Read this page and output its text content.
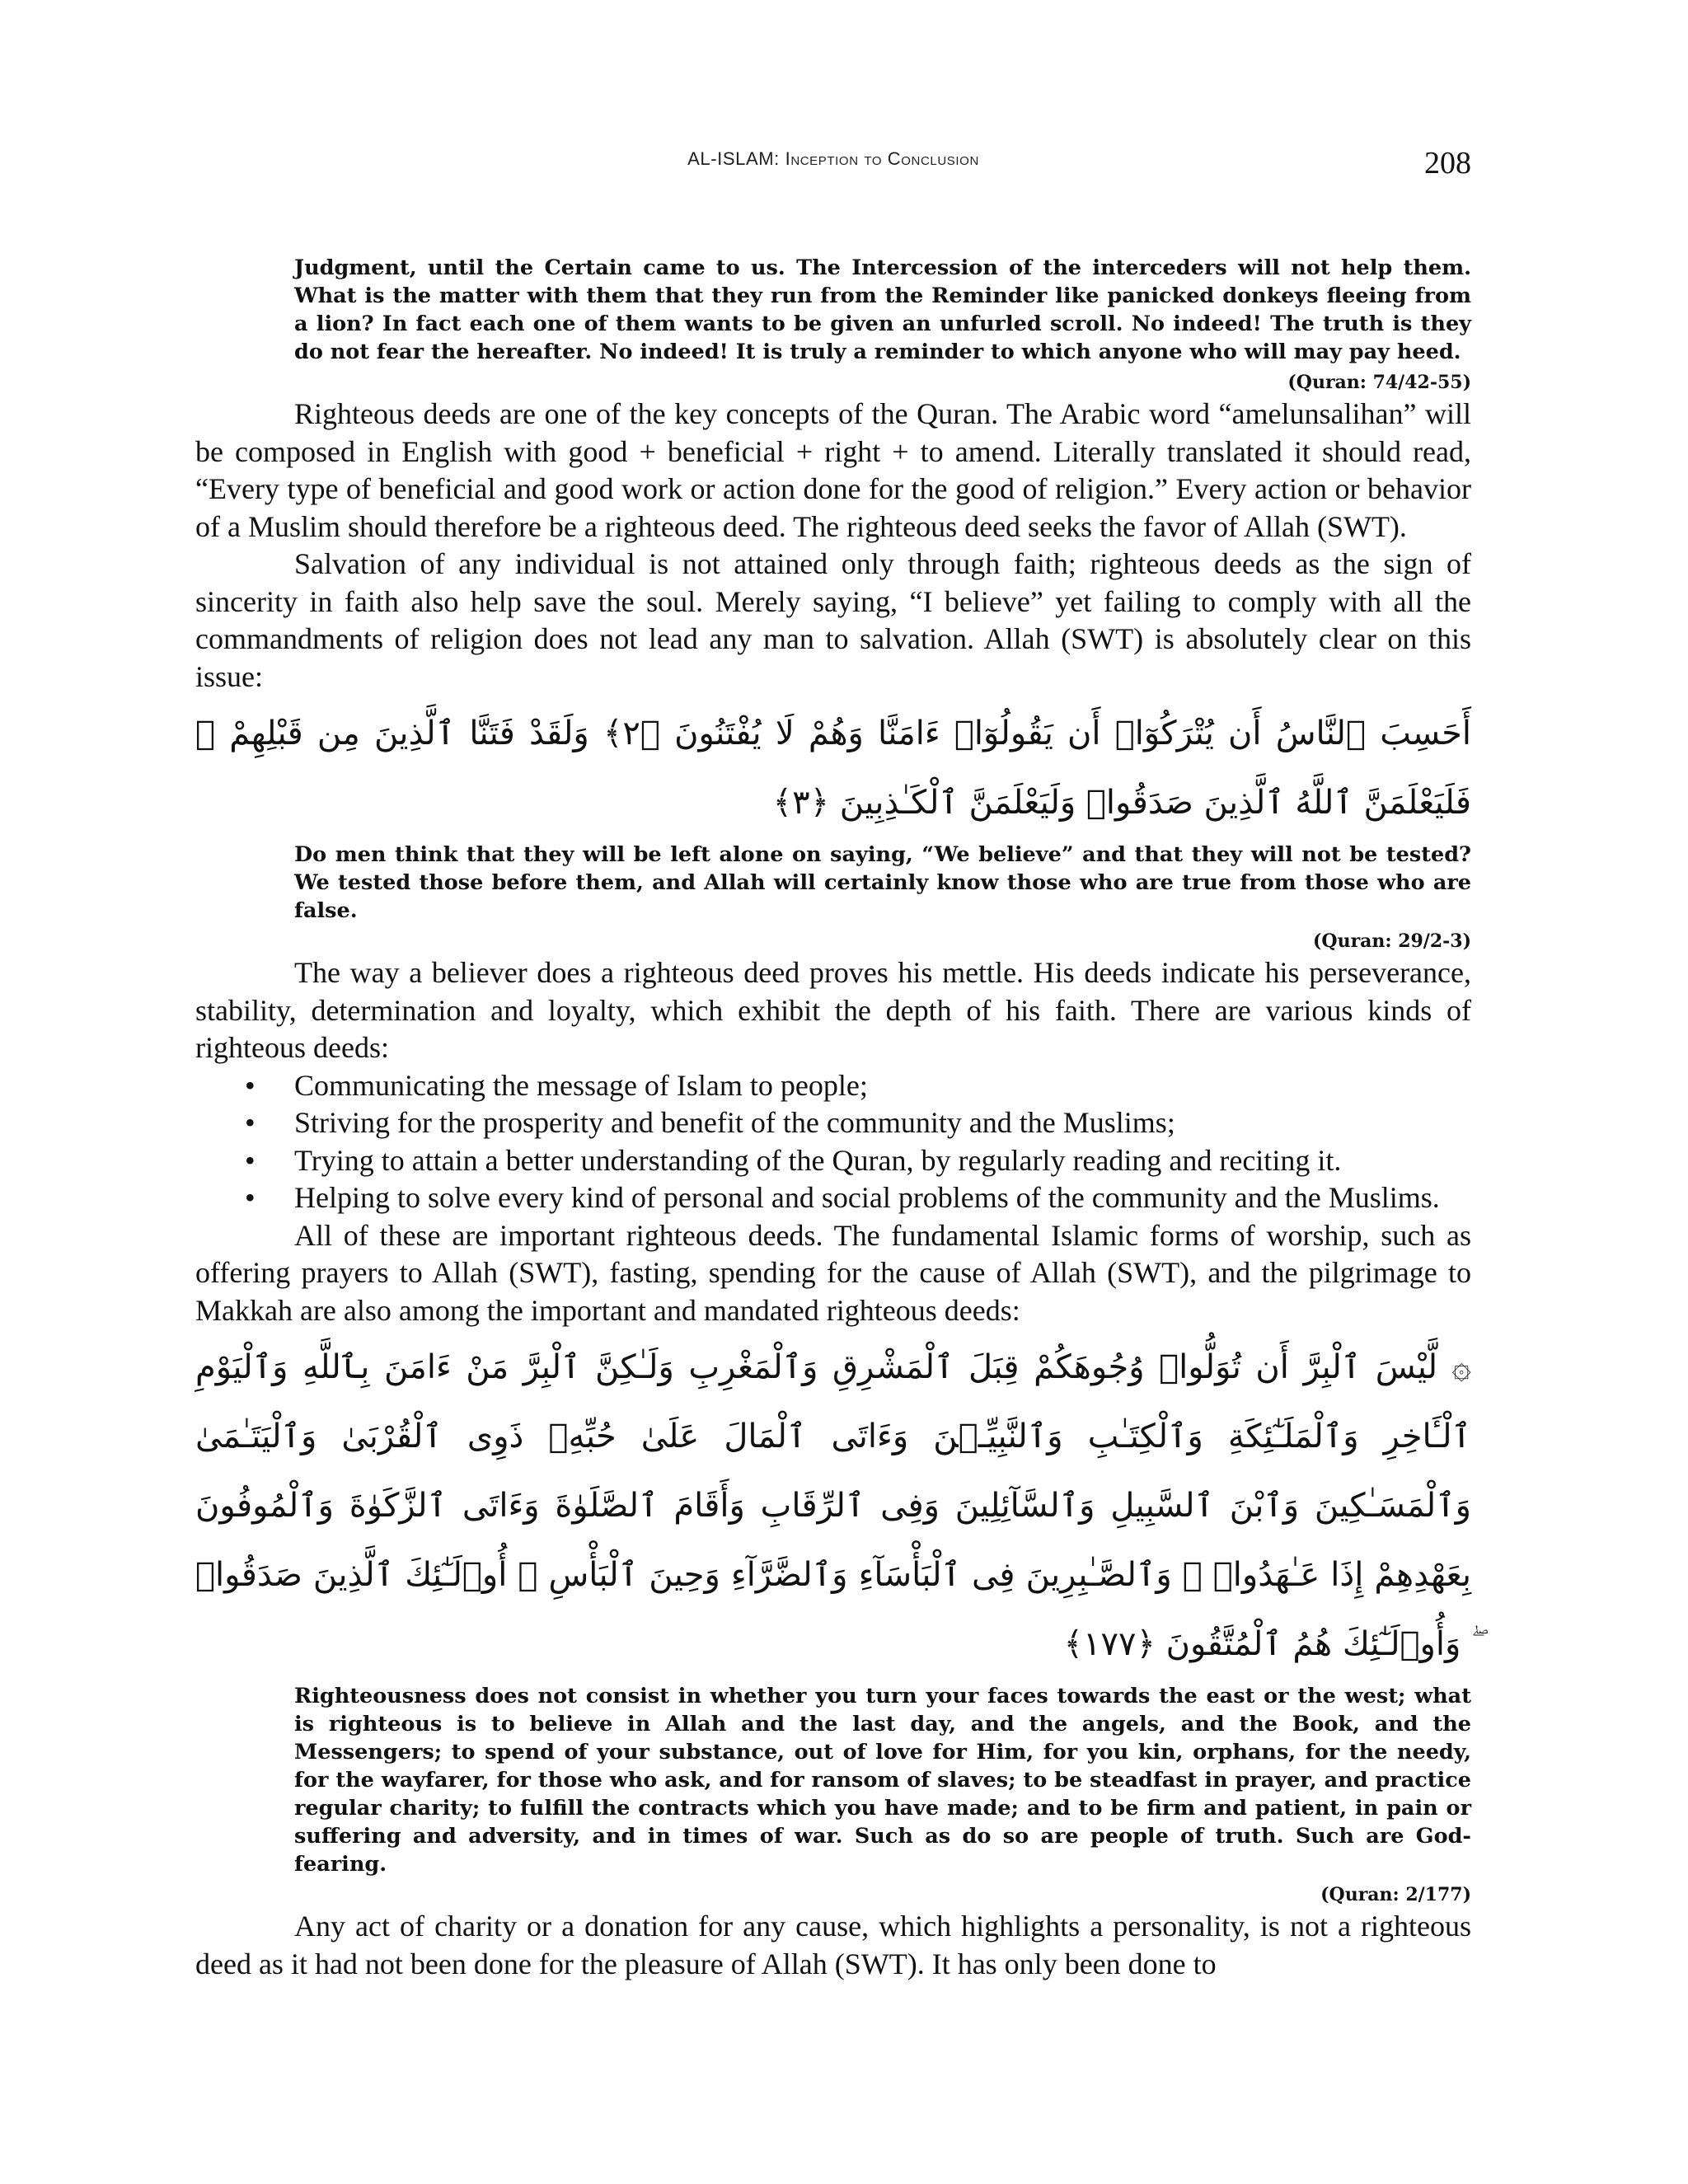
AL-ISLAM: Inception to Conclusion	208

Judgment, until the Certain came to us. The Intercession of the interceders will not help them. What is the matter with them that they run from the Reminder like panicked donkeys fleeing from a lion? In fact each one of them wants to be given an unfurled scroll. No indeed! The truth is they do not fear the hereafter. No indeed! It is truly a reminder to which anyone who will may pay heed.

(Quran: 74/42-55)

Righteous deeds are one of the key concepts of the Quran. The Arabic word “amelunsalihan” will be composed in English with good + beneficial + right + to amend. Literally translated it should read, “Every type of beneficial and good work or action done for the good of religion.” Every action or behavior of a Muslim should therefore be a righteous deed. The righteous deed seeks the favor of Allah (SWT).

Salvation of any individual is not attained only through faith; righteous deeds as the sign of sincerity in faith also help save the soul. Merely saying, “I believe” yet failing to comply with all the commandments of religion does not lead any man to salvation. Allah (SWT) is absolutely clear on this issue:

أَحَسِبَ ٱلنَّاسُ أَن يُتْرَكُوٓا۟ أَن يَقُولُوٓا۟ ءَامَنَّا وَهُمْ لَا يُفْتَنُونَ ﴿٢﴾ وَلَقَدْ فَتَنَّا ٱلَّذِينَ مِن قَبْلِهِمْ ۖ فَلَيَعْلَمَنَّ ٱللَّهُ ٱلَّذِينَ صَدَقُوا۟ وَلَيَعْلَمَنَّ ٱلْكَـٰذِبِينَ ﴿٣﴾

Do men think that they will be left alone on saying, “We believe” and that they will not be tested? We tested those before them, and Allah will certainly know those who are true from those who are false.

(Quran: 29/2-3)

The way a believer does a righteous deed proves his mettle. His deeds indicate his perseverance, stability, determination and loyalty, which exhibit the depth of his faith. There are various kinds of righteous deeds:

• Communicating the message of Islam to people;
• Striving for the prosperity and benefit of the community and the Muslims;
• Trying to attain a better understanding of the Quran, by regularly reading and reciting it.
• Helping to solve every kind of personal and social problems of the community and the Muslims.

All of these are important righteous deeds. The fundamental Islamic forms of worship, such as offering prayers to Allah (SWT), fasting, spending for the cause of Allah (SWT), and the pilgrimage to Makkah are also among the important and mandated righteous deeds:

۞ لَّيْسَ ٱلْبِرَّ أَن تُوَلُّوا۟ وُجُوهَكُمْ قِبَلَ ٱلْمَشْرِقِ وَٱلْمَغْرِبِ وَلَـٰكِنَّ ٱلْبِرَّ مَنْ ءَامَنَ بِٱللَّهِ وَٱلْيَوْمِ ٱلْـَٔاخِرِ وَٱلْمَلَـٰٓئِكَةِ وَٱلْكِتَـٰبِ وَٱلنَّبِيِّـۧنَ وَءَاتَى ٱلْمَالَ عَلَىٰ حُبِّهِۦ ذَوِى ٱلْقُرْبَىٰ وَٱلْيَتَـٰمَىٰ وَٱلْمَسَـٰكِينَ وَٱبْنَ ٱلسَّبِيلِ وَٱلسَّآئِلِينَ وَفِى ٱلرِّقَابِ وَأَقَامَ ٱلصَّلَوٰةَ وَءَاتَى ٱلزَّكَوٰةَ وَٱلْمُوفُونَ بِعَهْدِهِمْ إِذَا عَـٰهَدُوا۟ ۖ وَٱلصَّـٰبِرِينَ فِى ٱلْبَأْسَآءِ وَٱلضَّرَّآءِ وَحِينَ ٱلْبَأْسِ ۗ أُو۟لَـٰٓئِكَ ٱلَّذِينَ صَدَقُوا۟ ۖ وَأُو۟لَـٰٓئِكَ هُمُ ٱلْمُتَّقُونَ ﴿١٧٧﴾

Righteousness does not consist in whether you turn your faces towards the east or the west; what is righteous is to believe in Allah and the last day, and the angels, and the Book, and the Messengers; to spend of your substance, out of love for Him, for you kin, orphans, for the needy, for the wayfarer, for those who ask, and for ransom of slaves; to be steadfast in prayer, and practice regular charity; to fulfill the contracts which you have made; and to be firm and patient, in pain or suffering and adversity, and in times of war. Such as do so are people of truth. Such are God-fearing.

(Quran: 2/177)

Any act of charity or a donation for any cause, which highlights a personality, is not a righteous deed as it had not been done for the pleasure of Allah (SWT). It has only been done to
